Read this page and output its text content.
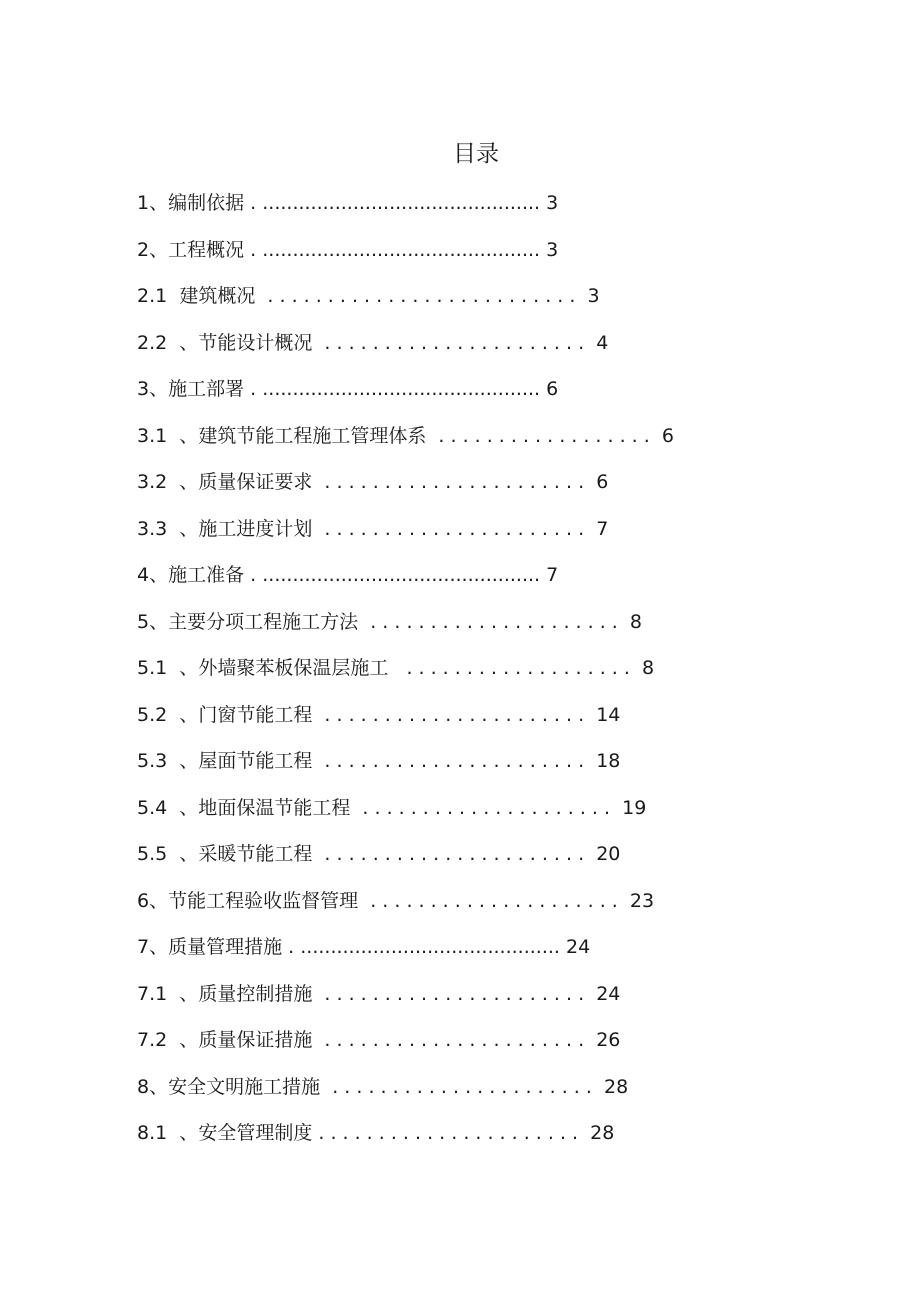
目录
1 、 编制依据 . .............................................. 3
2 、 工程概况 . .............................................. 3
2.1
建筑概况 . . . . . . . . . . . . . . . . . . . . . . . . . . 3
2.2 、 节能设计概况 . . . . . . . . . . . . . . . . . . . . . . 4
3 、 施工部署 . .............................................. 6
3.1 、 建筑节能工程施工管理体系 . . . . . . . . . . . . . . . . . . 6
3.2 、 质量保证要求 . . . . . . . . . . . . . . . . . . . . . . 6
3.3 、 施工进度计划 . . . . . . . . . . . . . . . . . . . . . . 7
4 、 施工准备 . .............................................. 7
5 、 主要分项工程施工方法 . . . . . . . . . . . . . . . . . . . . . 8
5.1 、 外墙聚苯板保温层施工 . . . . . . . . . . . . . . . . . . . 8
5.2 、 门窗节能工程 . . . . . . . . . . . . . . . . . . . . . . 14
5.3 、 屋面节能工程 . . . . . . . . . . . . . . . . . . . . . . 18
5.4 、 地面保温节能工程 . . . . . . . . . . . . . . . . . . . . . 19
5.5 、 采暖节能工程 . . . . . . . . . . . . . . . . . . . . . . 20
6 、 节能工程验收监督管理 . . . . . . . . . . . . . . . . . . . . . 23
7 、 质量管理措施 . ........................................... 24
7.1 、 质量控制措施 . . . . . . . . . . . . . . . . . . . . . . 24
7.2 、 质量保证措施 . . . . . . . . . . . . . . . . . . . . . . 26
8 、 安全文明施工措施 . . . . . . . . . . . . . . . . . . . . . . 28
8.1 、 安全管理制度 . . . . . . . . . . . . . . . . . . . . . . 28
